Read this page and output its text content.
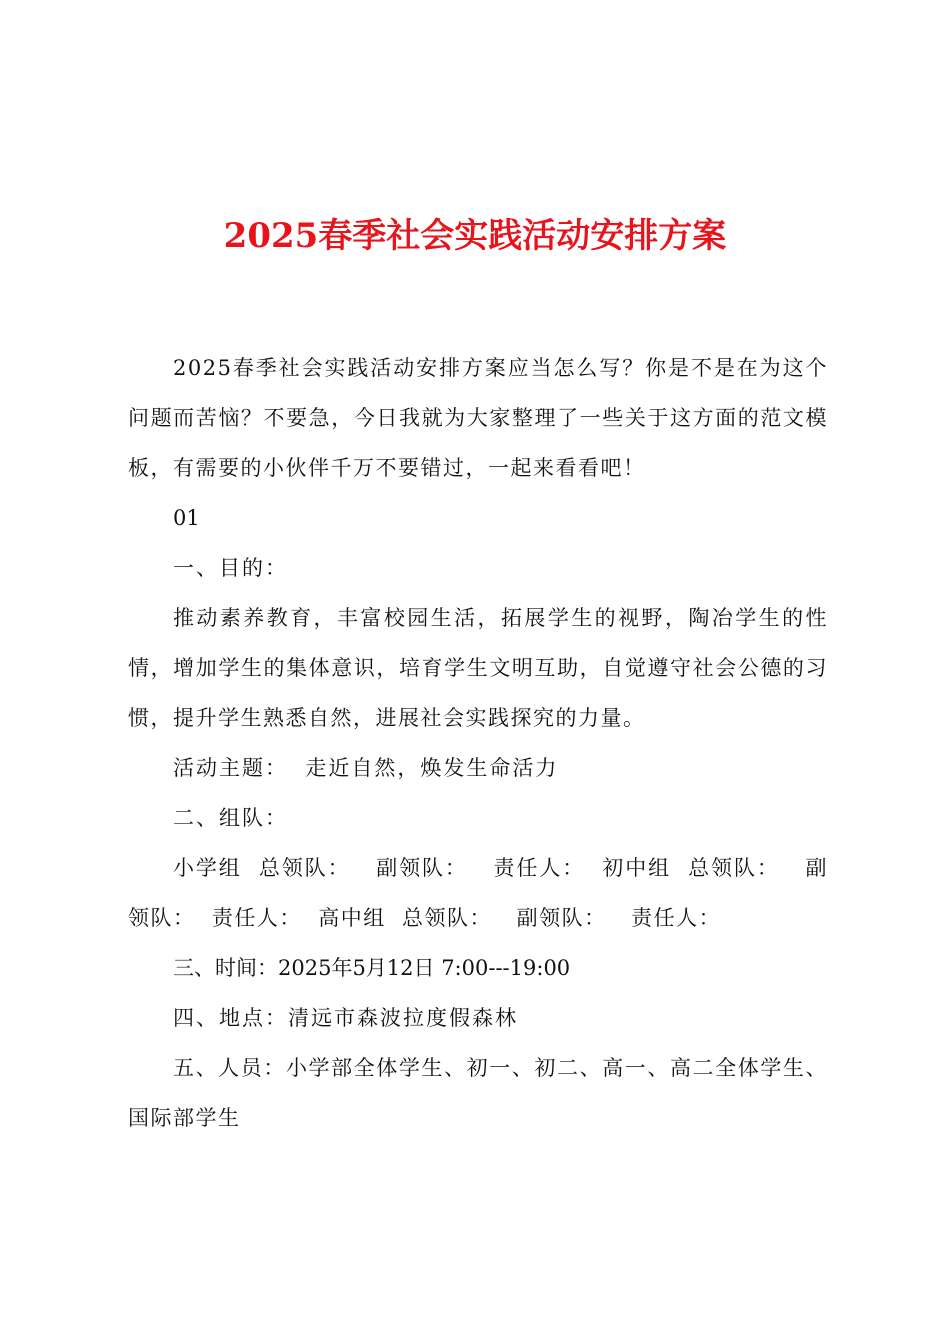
2025春季社会实践活动安排方案

2025春季社会实践活动安排方案应当怎么写？你是不是在为这个问题而苦恼？不要急，今日我就为大家整理了一些关于这方面的范文模板，有需要的小伙伴千万不要错过，一起来看看吧！

01

一、目的：

推动素养教育，丰富校园生活，拓展学生的视野，陶冶学生的性情，增加学生的集体意识，培育学生文明互助，自觉遵守社会公德的习惯，提升学生熟悉自然，进展社会实践探究的力量。

活动主题：  走近自然，焕发生命活力

二、组队：

小学组  总领队：   副领队：   责任人：  初中组  总领队：   副领队：  责任人：  高中组  总领队：   副领队：   责任人：

三、时间：2025年5月12日 7:00---19:00

四、地点：清远市森波拉度假森林

五、人员：小学部全体学生、初一、初二、高一、高二全体学生、国际部学生
